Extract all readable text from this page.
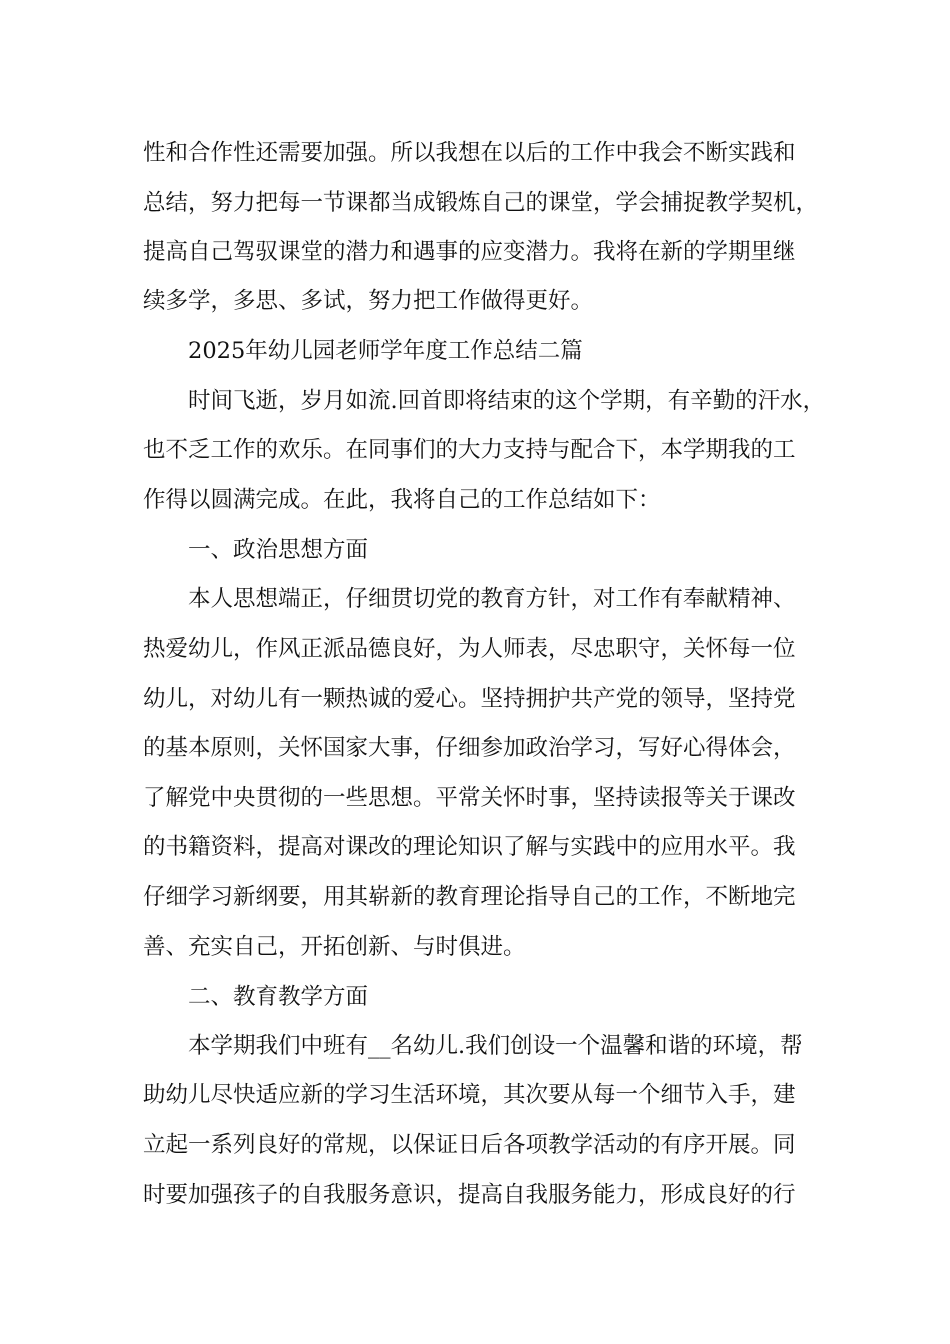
性和合作性还需要加强。所以我想在以后的工作中我会不断实践和
总结，努力把每一节课都当成锻炼自己的课堂，学会捕捉教学契机，
提高自己驾驭课堂的潜力和遇事的应变潜力。我将在新的学期里继
续多学，多思、多试，努力把工作做得更好。
2025年幼儿园老师学年度工作总结二篇
时间飞逝，岁月如流.回首即将结束的这个学期，有辛勤的汗水，
也不乏工作的欢乐。在同事们的大力支持与配合下，本学期我的工
作得以圆满完成。在此，我将自己的工作总结如下：
一、政治思想方面
本人思想端正，仔细贯切党的教育方针，对工作有奉献精神、
热爱幼儿，作风正派品德良好，为人师表，尽忠职守，关怀每一位
幼儿，对幼儿有一颗热诚的爱心。坚持拥护共产党的领导，坚持党
的基本原则，关怀国家大事，仔细参加政治学习，写好心得体会，
了解党中央贯彻的一些思想。平常关怀时事，坚持读报等关于课改
的书籍资料，提高对课改的理论知识了解与实践中的应用水平。我
仔细学习新纲要，用其崭新的教育理论指导自己的工作，不断地完
善、充实自己，开拓创新、与时俱进。
二、教育教学方面
本学期我们中班有__名幼儿.我们创设一个温馨和谐的环境，帮
助幼儿尽快适应新的学习生活环境，其次要从每一个细节入手，建
立起一系列良好的常规，以保证日后各项教学活动的有序开展。同
时要加强孩子的自我服务意识，提高自我服务能力，形成良好的行
